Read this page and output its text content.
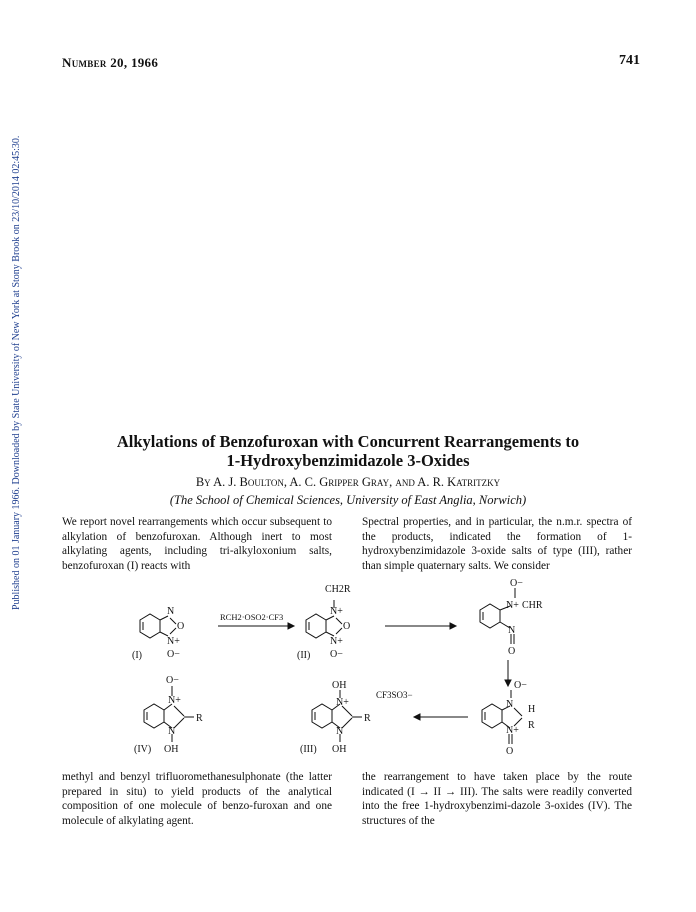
Published on 01 January 1966. Downloaded by State University of New York at Stony Brook on 23/10/2014 02:45:30.
Number 20, 1966	741
Alkylations of Benzofuroxan with Concurrent Rearrangements to
1-Hydroxybenzimidazole 3-Oxides
By A. J. Boulton, A. C. Gripper Gray, and A. R. Katritzky
(The School of Chemical Sciences, University of East Anglia, Norwich)

We report novel rearrangements which occur subsequent to alkylation of benzofuroxan. Although inert to most alkylating agents, including tri-alkyloxonium salts, benzofuroxan (I) reacts with

Spectral properties, and in particular, the n.m.r. spectra of the products, indicated the formation of 1-hydroxybenzimidazole 3-oxide salts of type (III), rather than simple quaternary salts. We consider

N
O
N+
O−
(I)
RCH2·OSO2·CF3
CH2R
N+
O
N+
O−
(II)
O−
N+ CHR
N
O
O−
N H
R
N+
O
OH
CF3SO3−
N+
R
N
OH
(III)
O−
N+
R
N
OH
(IV)

methyl and benzyl trifluoromethanesulphonate (the latter prepared in situ) to yield products of the analytical composition of one molecule of benzo-furoxan and one molecule of alkylating agent.

the rearrangement to have taken place by the route indicated (I → II → III). The salts were readily converted into the free 1-hydroxybenzimi-dazole 3-oxides (IV). The structures of the
